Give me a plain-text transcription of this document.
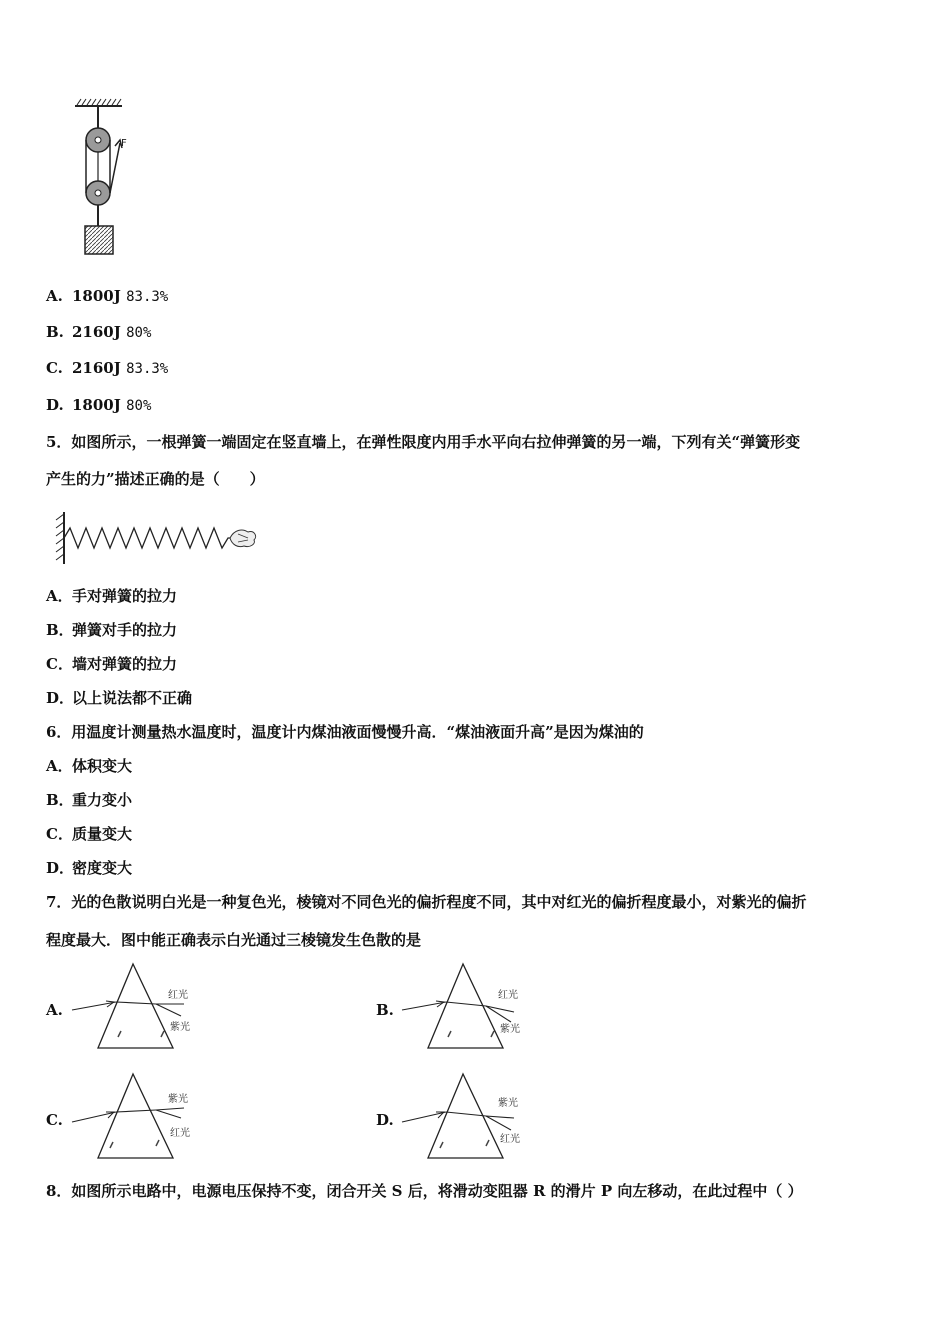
F
A. 1800J 83.3%
B. 2160J 80%
C. 2160J 83.3%
D. 1800J 80%
5．如图所示，一根弹簧一端固定在竖直墙上，在弹性限度内用手水平向右拉伸弹簧的另一端，下列有关“弹簧形变
产生的力”描述正确的是（　　）
A．手对弹簧的拉力
B．弹簧对手的拉力
C．墙对弹簧的拉力
D．以上说法都不正确
6．用温度计测量热水温度时，温度计内煤油液面慢慢升高．“煤油液面升高”是因为煤油的
A．体积变大
B．重力变小
C．质量变大
D．密度变大
7．光的色散说明白光是一种复色光，棱镜对不同色光的偏折程度不同，其中对红光的偏折程度最小，对紫光的偏折
程度最大．图中能正确表示白光通过三棱镜发生色散的是
A.
红光
紫光
B.
红光
紫光
C.
紫光
红光
D.
紫光
红光
8．如图所示电路中，电源电压保持不变，闭合开关 S 后，将滑动变阻器 R 的滑片 P 向左移动，在此过程中（ ）
